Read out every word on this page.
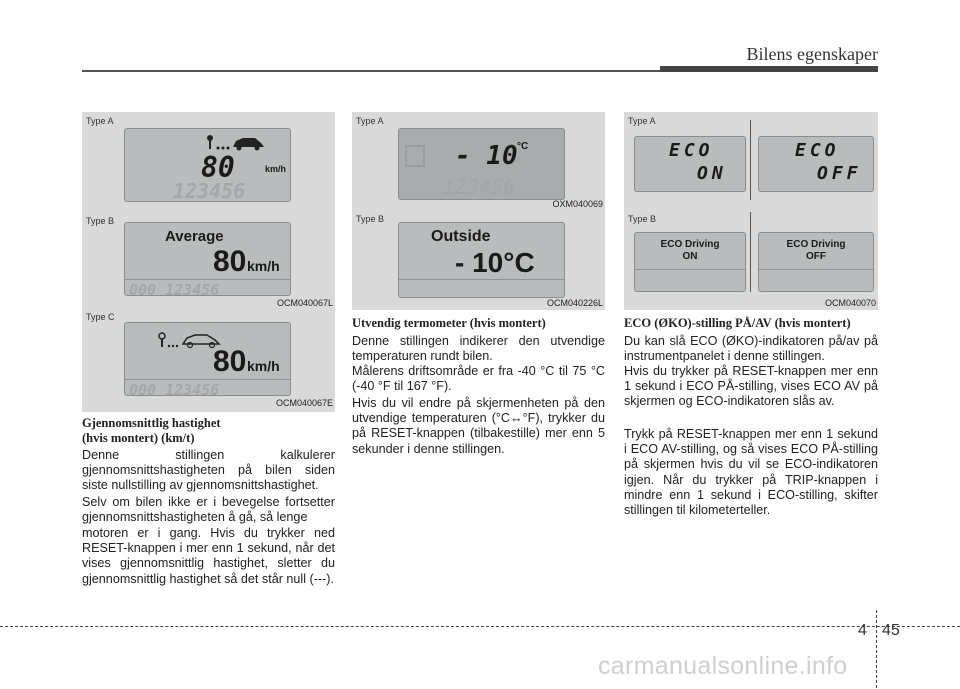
Bilens egenskaper
Type A
80	km/h
123456
Type B
Average
80 km/h
000 123456
OCM040067L
Type C
80 km/h
000 123456
OCM040067E
Gjennomsnittlig hastighet
(hvis montert) (km/t)
Denne stillingen kalkulerer gjennomsnittshastigheten på bilen siden siste nullstilling av gjennomsnittshastighet.
Selv om bilen ikke er i bevegelse fortsetter gjennomsnittshastigheten å gå, så lenge
motoren er i gang. Hvis du trykker ned RESET-knappen i mer enn 1 sekund, når det vises gjennomsnittlig hastighet, sletter du gjennomsnittlig hastighet så det står null (---).
Type A
- 10 °C
123456
OXM040069
Type B
Outside
- 10°C
OCM040226L
Utvendig termometer (hvis montert)
Denne stillingen indikerer den utvendige temperaturen rundt bilen.
Målerens driftsområde er fra -40 °C til 75 °C (-40 °F til 167 °F).
Hvis du vil endre på skjermenheten på den utvendige temperaturen (°C↔°F), trykker du på RESET-knappen (tilbakestille) mer enn 5 sekunder i denne stillingen.
Type A
ECO
ON
ECO
OFF
Type B
ECO Driving
ON
ECO Driving
OFF
OCM040070
ECO (ØKO)-stilling PÅ/AV (hvis montert)
Du kan slå ECO (ØKO)-indikatoren på/av på instrumentpanelet i denne stillingen.
Hvis du trykker på RESET-knappen mer enn 1 sekund i ECO PÅ-stilling, vises ECO AV på skjermen og ECO-indikatoren slås av.
Trykk på RESET-knappen mer enn 1 sekund i ECO AV-stilling, og så vises ECO PÅ-stilling på skjermen hvis du vil se ECO-indikatoren igjen. Når du trykker på TRIP-knappen i mindre enn 1 sekund i ECO-stilling, skifter stillingen til kilometerteller.
4 45
carmanualsonline.info
